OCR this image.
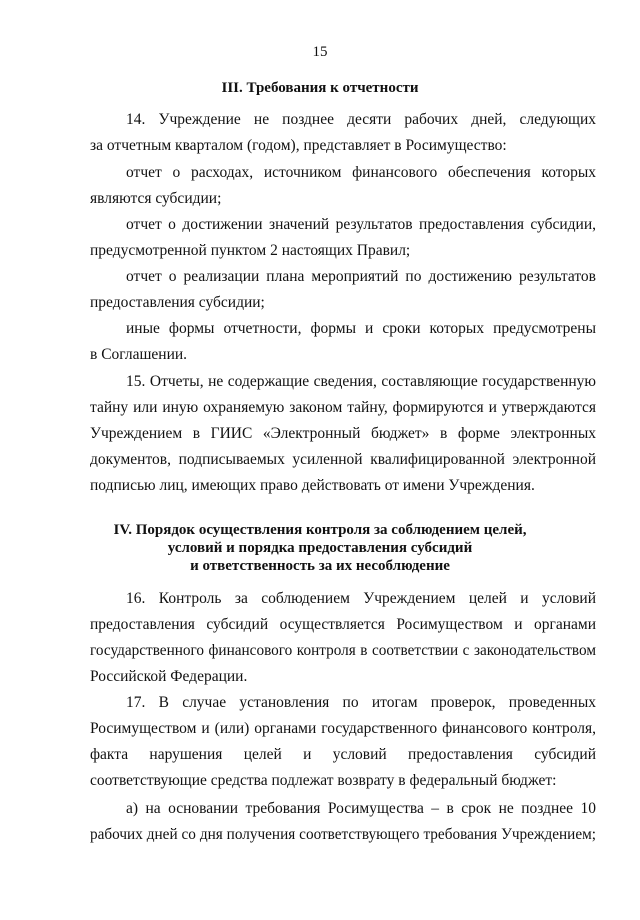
15
III. Требования к отчетности
14. Учреждение не позднее десяти рабочих дней, следующих
за отчетным кварталом (годом), представляет в Росимущество:
отчет о расходах, источником финансового обеспечения которых
являются субсидии;
отчет о достижении значений результатов предоставления субсидии,
предусмотренной пунктом 2 настоящих Правил;
отчет о реализации плана мероприятий по достижению результатов
предоставления субсидии;
иные формы отчетности, формы и сроки которых предусмотрены
в Соглашении.
15. Отчеты, не содержащие сведения, составляющие государственную
тайну или иную охраняемую законом тайну, формируются и утверждаются
Учреждением в ГИИС «Электронный бюджет» в форме электронных
документов, подписываемых усиленной квалифицированной электронной
подписью лиц, имеющих право действовать от имени Учреждения.
IV. Порядок осуществления контроля за соблюдением целей,
условий и порядка предоставления субсидий
и ответственность за их несоблюдение
16. Контроль за соблюдением Учреждением целей и условий
предоставления субсидий осуществляется Росимуществом и органами
государственного финансового контроля в соответствии с законодательством
Российской Федерации.
17. В случае установления по итогам проверок, проведенных
Росимуществом и (или) органами государственного финансового контроля,
факта нарушения целей и условий предоставления субсидий
соответствующие средства подлежат возврату в федеральный бюджет:
а) на основании требования Росимущества – в срок не позднее 10
рабочих дней со дня получения соответствующего требования Учреждением;
